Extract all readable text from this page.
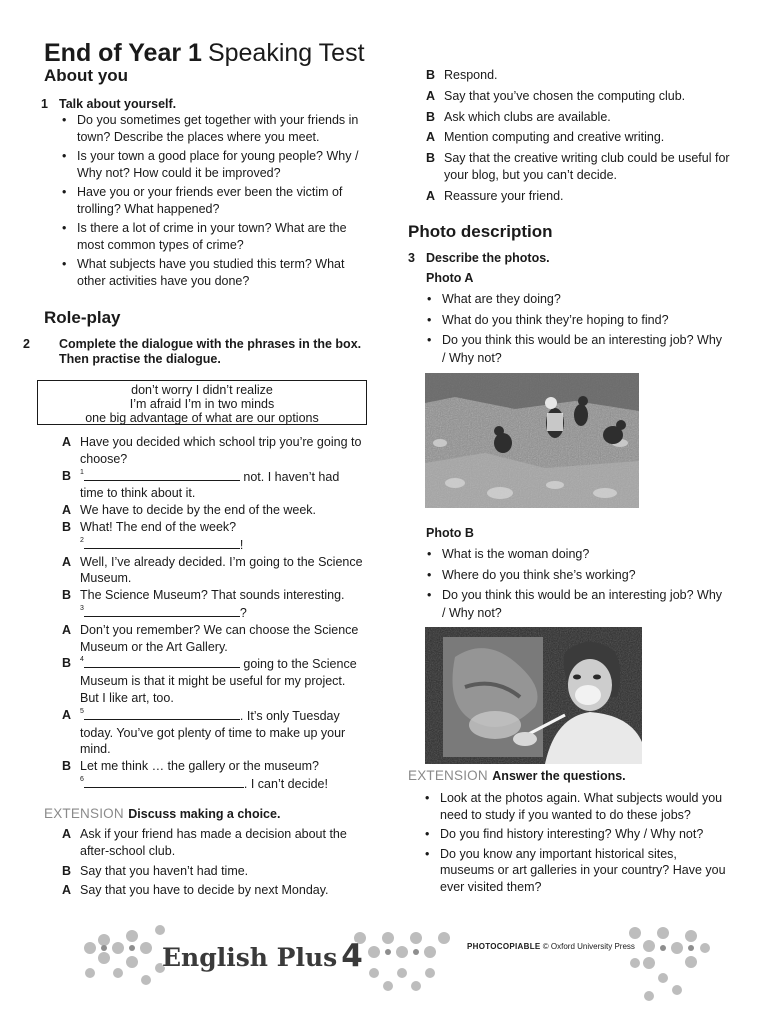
End of Year 1 Speaking Test
About you
1 Talk about yourself.
• Do you sometimes get together with your friends in town? Describe the places where you meet.
• Is your town a good place for young people? Why / Why not? How could it be improved?
• Have you or your friends ever been the victim of trolling? What happened?
• Is there a lot of crime in your town? What are the most common types of crime?
• What subjects have you studied this term? What other activities have you done?
Role-play
2 Complete the dialogue with the phrases in the box. Then practise the dialogue.
don’t worry I didn’t realize
I’m afraid I’m in two minds
one big advantage of what are our options
A Have you decided which school trip you’re going to choose?
B $^1$	not. I haven’t had time to think about it.
A We have to decide by the end of the week.
B What! The end of the week?
$^2$	!
A Well, I’ve already decided. I’m going to the Science Museum.
B The Science Museum? That sounds interesting.
$^3$	?
A Don’t you remember? We can choose the Science Museum or the Art Gallery.
B $^4$	going to the Science Museum is that it might be useful for my project. But I like art, too.
A $^5$	. It’s only Tuesday today. You’ve got plenty of time to make up your mind.
B Let me think … the gallery or the museum?
$^6$	. I can’t decide!
EXTENSION Discuss making a choice.
A Ask if your friend has made a decision about the after-school club.
B Say that you haven’t had time.
A Say that you have to decide by next Monday.
B Respond.
A Say that you’ve chosen the computing club.
B Ask which clubs are available.
A Mention computing and creative writing.
B Say that the creative writing club could be useful for your blog, but you can’t decide.
A Reassure your friend.
Photo description
3 Describe the photos.
Photo A
• What are they doing?
• What do you think they’re hoping to find?
• Do you think this would be an interesting job? Why / Why not?
Photo B
• What is the woman doing?
• Where do you think she’s working?
• Do you think this would be an interesting job? Why / Why not?
EXTENSION Answer the questions.
• Look at the photos again. What subjects would you need to study if you wanted to do these jobs?
• Do you find history interesting? Why / Why not?
• Do you know any important historical sites, museums or art galleries in your country? Have you ever visited them?
English Plus 4	PHOTOCOPIABLE © Oxford University Press
